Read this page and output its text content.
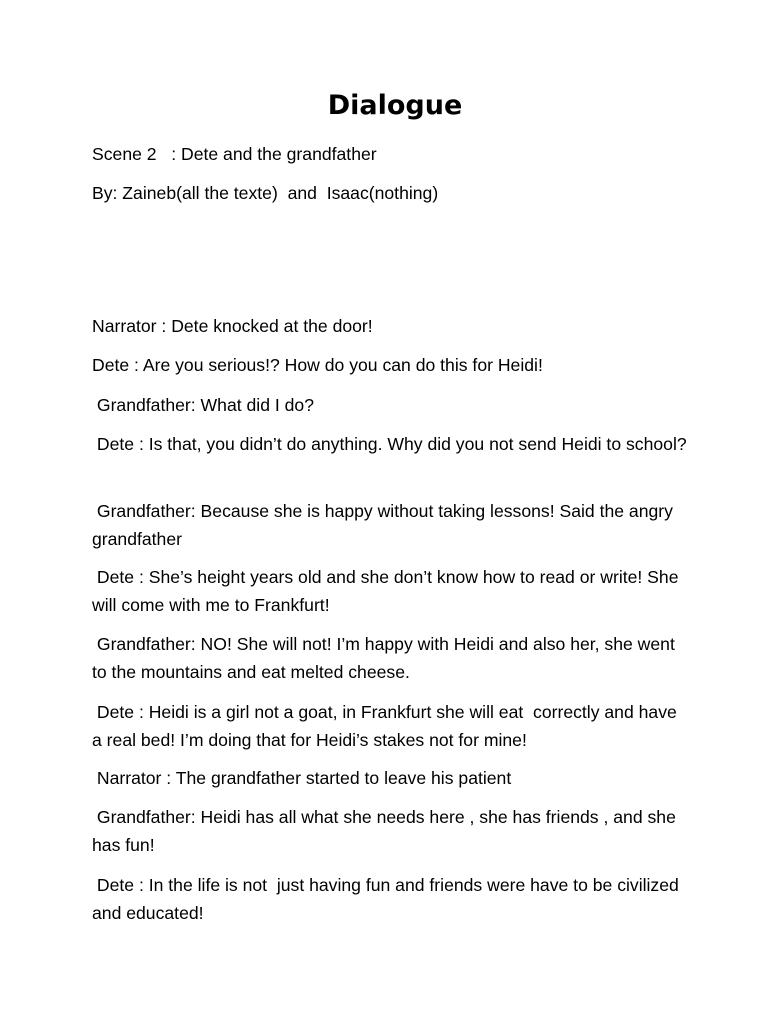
Dialogue

Scene 2   : Dete and the grandfather

By: Zaineb(all the texte)  and  Isaac(nothing)

Narrator : Dete knocked at the door!

Dete : Are you serious!? How do you can do this for Heidi!

Grandfather: What did I do?

Dete : Is that, you didn’t do anything. Why did you not send Heidi to school?

Grandfather: Because she is happy without taking lessons! Said the angry grandfather

Dete : She’s height years old and she don’t know how to read or write! She will come with me to Frankfurt!

Grandfather: NO! She will not! I’m happy with Heidi and also her, she went to the mountains and eat melted cheese.

Dete : Heidi is a girl not a goat, in Frankfurt she will eat  correctly and have a real bed! I’m doing that for Heidi’s stakes not for mine!

Narrator : The grandfather started to leave his patient

Grandfather: Heidi has all what she needs here , she has friends , and she has fun!

Dete : In the life is not  just having fun and friends were have to be civilized and educated!
